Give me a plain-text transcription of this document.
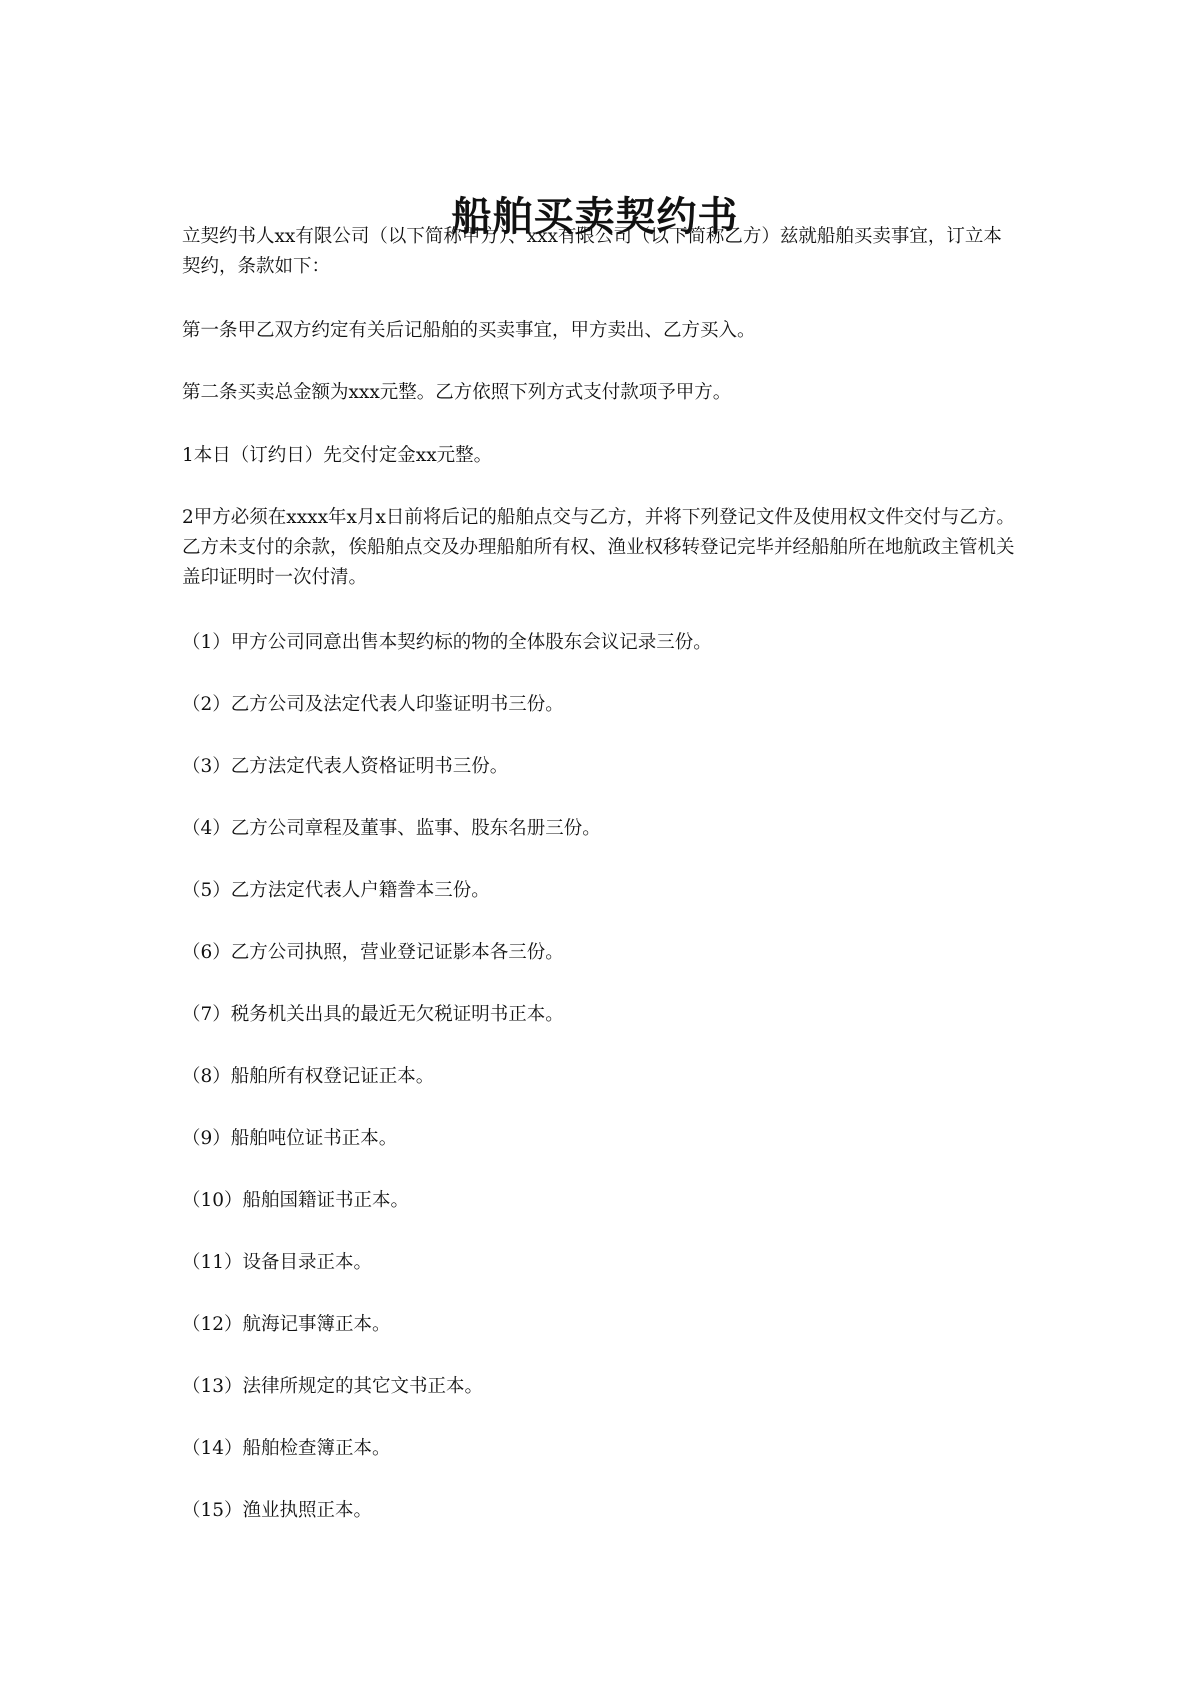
船舶买卖契约书

立契约书人xx有限公司（以下简称甲方）、xxx有限公司（以下简称乙方）兹就船舶买卖事宜，订立本契约，条款如下：

第一条甲乙双方约定有关后记船舶的买卖事宜，甲方卖出、乙方买入。

第二条买卖总金额为xxx元整。乙方依照下列方式支付款项予甲方。

1本日（订约日）先交付定金xx元整。

2甲方必须在xxxx年x月x日前将后记的船舶点交与乙方，并将下列登记文件及使用权文件交付与乙方。乙方未支付的余款，俟船舶点交及办理船舶所有权、渔业权移转登记完毕并经船舶所在地航政主管机关盖印证明时一次付清。

（1）甲方公司同意出售本契约标的物的全体股东会议记录三份。

（2）乙方公司及法定代表人印鉴证明书三份。

（3）乙方法定代表人资格证明书三份。

（4）乙方公司章程及董事、监事、股东名册三份。

（5）乙方法定代表人户籍誊本三份。

（6）乙方公司执照，营业登记证影本各三份。

（7）税务机关出具的最近无欠税证明书正本。

（8）船舶所有权登记证正本。

（9）船舶吨位证书正本。

（10）船舶国籍证书正本。

（11）设备目录正本。

（12）航海记事簿正本。

（13）法律所规定的其它文书正本。

（14）船舶检查簿正本。

（15）渔业执照正本。
